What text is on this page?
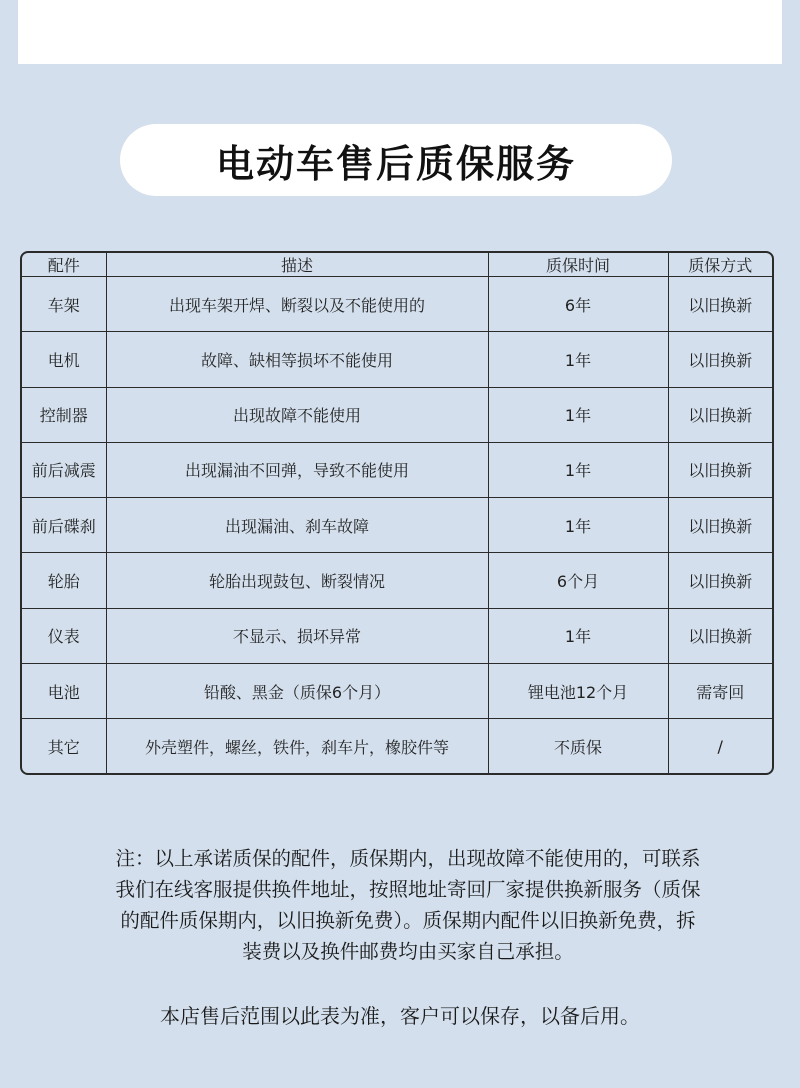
电动车售后质保服务
配件	描述	质保时间	质保方式
车架	出现车架开焊、断裂以及不能使用的	6年	以旧换新
电机	故障、缺相等损坏不能使用	1年	以旧换新
控制器	出现故障不能使用	1年	以旧换新
前后减震	出现漏油不回弹，导致不能使用	1年	以旧换新
前后碟刹	出现漏油、刹车故障	1年	以旧换新
轮胎	轮胎出现鼓包、断裂情况	6个月	以旧换新
仪表	不显示、损坏异常	1年	以旧换新
电池	铅酸、黑金（质保6个月）	锂电池12个月	需寄回
其它	外壳塑件，螺丝，铁件，刹车片，橡胶件等	不质保	/

注：以上承诺质保的配件，质保期内，出现故障不能使用的，可联系

我们在线客服提供换件地址，按照地址寄回厂家提供换新服务（质保

的配件质保期内，以旧换新免费）。质保期内配件以旧换新免费，拆

装费以及换件邮费均由买家自己承担。

本店售后范围以此表为准，客户可以保存，以备后用。
